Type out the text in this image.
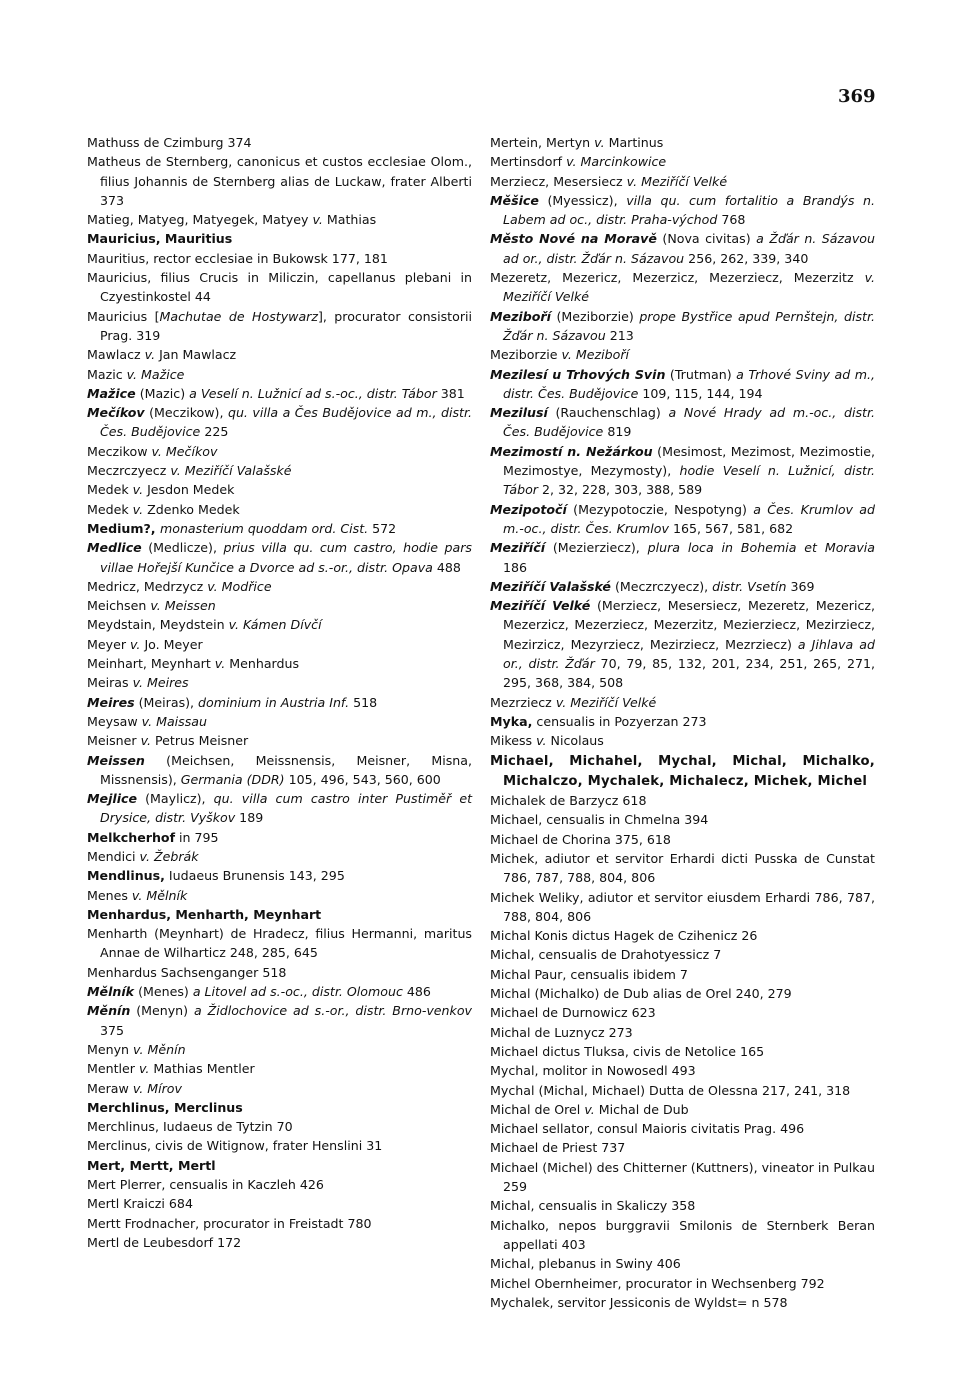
369

Mathuss de Czimburg 374

Matheus de Sternberg, canonicus et custos ecclesiae Olom., filius Johannis de Sternberg alias de Luckaw, frater Alberti 373

Matieg, Matyeg, Matyegek, Matyey v. Mathias

Mauricius, Mauritius

Mauritius, rector ecclesiae in Bukowsk 177, 181

Mauricius, filius Crucis in Miliczin, capellanus plebani in Czyestinkostel 44

Mauricius [Machutae de Hostywarz], procurator consistorii Prag. 319

Mawlacz v. Jan Mawlacz

Mazic v. Mažice

Mažice (Mazic) a Veselí n. Lužnicí ad s.-oc., distr. Tábor 381

Mečíkov (Meczikow), qu. villa a Čes Budějovice ad m., distr. Čes. Budějovice 225

Meczikow v. Mečíkov

Meczrczyecz v. Meziříčí Valašské

Medek v. Jesdon Medek

Medek v. Zdenko Medek

Medium?, monasterium quoddam ord. Cist. 572

Medlice (Medlicze), prius villa qu. cum castro, hodie pars villae Hořejší Kunčice a Dvorce ad s.-or., distr. Opava 488

Medricz, Medrzycz v. Modřice

Meichsen v. Meissen

Meydstain, Meydstein v. Kámen Dívčí

Meyer v. Jo. Meyer

Meinhart, Meynhart v. Menhardus

Meiras v. Meires

Meires (Meiras), dominium in Austria Inf. 518

Meysaw v. Maissau

Meisner v. Petrus Meisner

Meissen (Meichsen, Meissnensis, Meisner, Misna, Missnensis), Germania (DDR) 105, 496, 543, 560, 600

Mejlice (Maylicz), qu. villa cum castro inter Pustiměř et Drysice, distr. Vyškov 189

Melkcherhof in 795

Mendici v. Žebrák

Mendlinus, Iudaeus Brunensis 143, 295

Menes v. Mělník

Menhardus, Menharth, Meynhart

Menharth (Meynhart) de Hradecz, filius Hermanni, maritus Annae de Wilharticz 248, 285, 645

Menhardus Sachsenganger 518

Mělník (Menes) a Litovel ad s.-oc., distr. Olomouc 486

Měnín (Menyn) a Židlochovice ad s.-or., distr. Brno-venkov 375

Menyn v. Měnín

Mentler v. Mathias Mentler

Meraw v. Mírov

Merchlinus, Merclinus

Merchlinus, Iudaeus de Tytzin 70

Merclinus, civis de Witignow, frater Henslini 31

Mert, Mertt, Mertl

Mert Plerrer, censualis in Kaczleh 426

Mertl Kraiczi 684

Mertt Frodnacher, procurator in Freistadt 780

Mertl de Leubesdorf 172

Mertein, Mertyn v. Martinus

Mertinsdorf v. Marcinkowice

Merziecz, Mesersiecz v. Meziříčí Velké

Měšice (Myessicz), villa qu. cum fortalitio a Brandýs n. Labem ad oc., distr. Praha-východ 768

Město Nové na Moravě (Nova civitas) a Žďár n. Sázavou ad or., distr. Žďár n. Sázavou 256, 262, 339, 340

Mezeretz, Mezericz, Mezerzicz, Mezerziecz, Mezerzitz v. Meziříčí Velké

Meziboří (Meziborzie) prope Bystřice apud Pernštejn, distr. Žďár n. Sázavou 213

Meziborzie v. Meziboří

Mezilesí u Trhových Svin (Trutman) a Trhové Sviny ad m., distr. Čes. Budějovice 109, 115, 144, 194

Mezilusí (Rauchenschlag) a Nové Hrady ad m.-oc., distr. Čes. Budějovice 819

Mezimostí n. Nežárkou (Mesimost, Mezimost, Mezimostie, Mezimostye, Mezymosty), hodie Veselí n. Lužnicí, distr. Tábor 2, 32, 228, 303, 388, 589

Mezipotočí (Mezypotoczie, Nespotyng) a Čes. Krumlov ad m.-oc., distr. Čes. Krumlov 165, 567, 581, 682

Meziříčí (Mezierziecz), plura loca in Bohemia et Moravia 186

Meziříčí Valašské (Meczrczyecz), distr. Vsetín 369

Meziříčí Velké (Merziecz, Mesersiecz, Mezeretz, Mezericz, Mezerzicz, Mezerziecz, Mezerzitz, Mezierziecz, Mezirziecz, Mezirzicz, Mezyrziecz, Mezirziecz, Mezrziecz) a Jihlava ad or., distr. Žďár 70, 79, 85, 132, 201, 234, 251, 265, 271, 295, 368, 384, 508

Mezrziecz v. Meziříčí Velké

Myka, censualis in Pozyerzan 273

Mikess v. Nicolaus

Michael, Michahel, Mychal, Michal, Michalko, Michalczo, Mychalek, Michalecz, Michek, Michel

Michalek de Barzycz 618

Michael, censualis in Chmelna 394

Michael de Chorina 375, 618

Michek, adiutor et servitor Erhardi dicti Pusska de Cunstat 786, 787, 788, 804, 806

Michek Weliky, adiutor et servitor eiusdem Erhardi 786, 787, 788, 804, 806

Michal Konis dictus Hagek de Czihenicz 26

Michal, censualis de Drahotyessicz 7

Michal Paur, censualis ibidem 7

Michal (Michalko) de Dub alias de Orel 240, 279

Michael de Durnowicz 623

Michal de Luznycz 273

Michael dictus Tluksa, civis de Netolice 165

Mychal, molitor in Nowosedl 493

Mychal (Michal, Michael) Dutta de Olessna 217, 241, 318

Michal de Orel v. Michal de Dub

Michael sellator, consul Maioris civitatis Prag. 496

Michael de Priest 737

Michael (Michel) des Chitterner (Kuttners), vineator in Pulkau 259

Michal, censualis in Skaliczy 358

Michalko, nepos burggravii Smilonis de Sternberk Beran appellati 403

Michal, plebanus in Swiny 406

Michel Obernheimer, procurator in Wechsenberg 792

Mychalek, servitor Jessiconis de Wyldst= n 578
